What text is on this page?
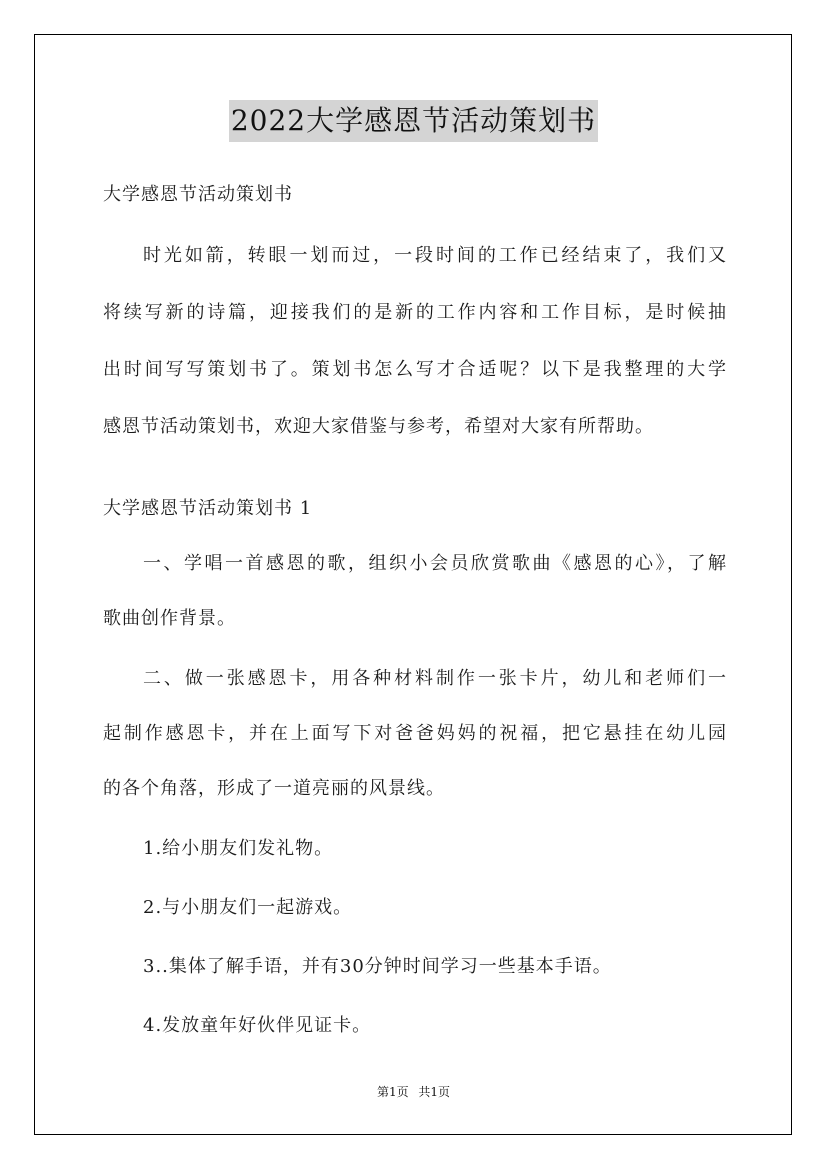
2022大学感恩节活动策划书
大学感恩节活动策划书
时光如箭，转眼一划而过，一段时间的工作已经结束了，我们又
将续写新的诗篇，迎接我们的是新的工作内容和工作目标，是时候抽
出时间写写策划书了。策划书怎么写才合适呢？以下是我整理的大学
感恩节活动策划书，欢迎大家借鉴与参考，希望对大家有所帮助。
大学感恩节活动策划书 1
一、学唱一首感恩的歌，组织小会员欣赏歌曲《感恩的心》，了解
歌曲创作背景。
二、做一张感恩卡，用各种材料制作一张卡片，幼儿和老师们一
起制作感恩卡，并在上面写下对爸爸妈妈的祝福，把它悬挂在幼儿园
的各个角落，形成了一道亮丽的风景线。
1.给小朋友们发礼物。
2.与小朋友们一起游戏。
3..集体了解手语，并有30分钟时间学习一些基本手语。
4.发放童年好伙伴见证卡。
第1页 共1页
